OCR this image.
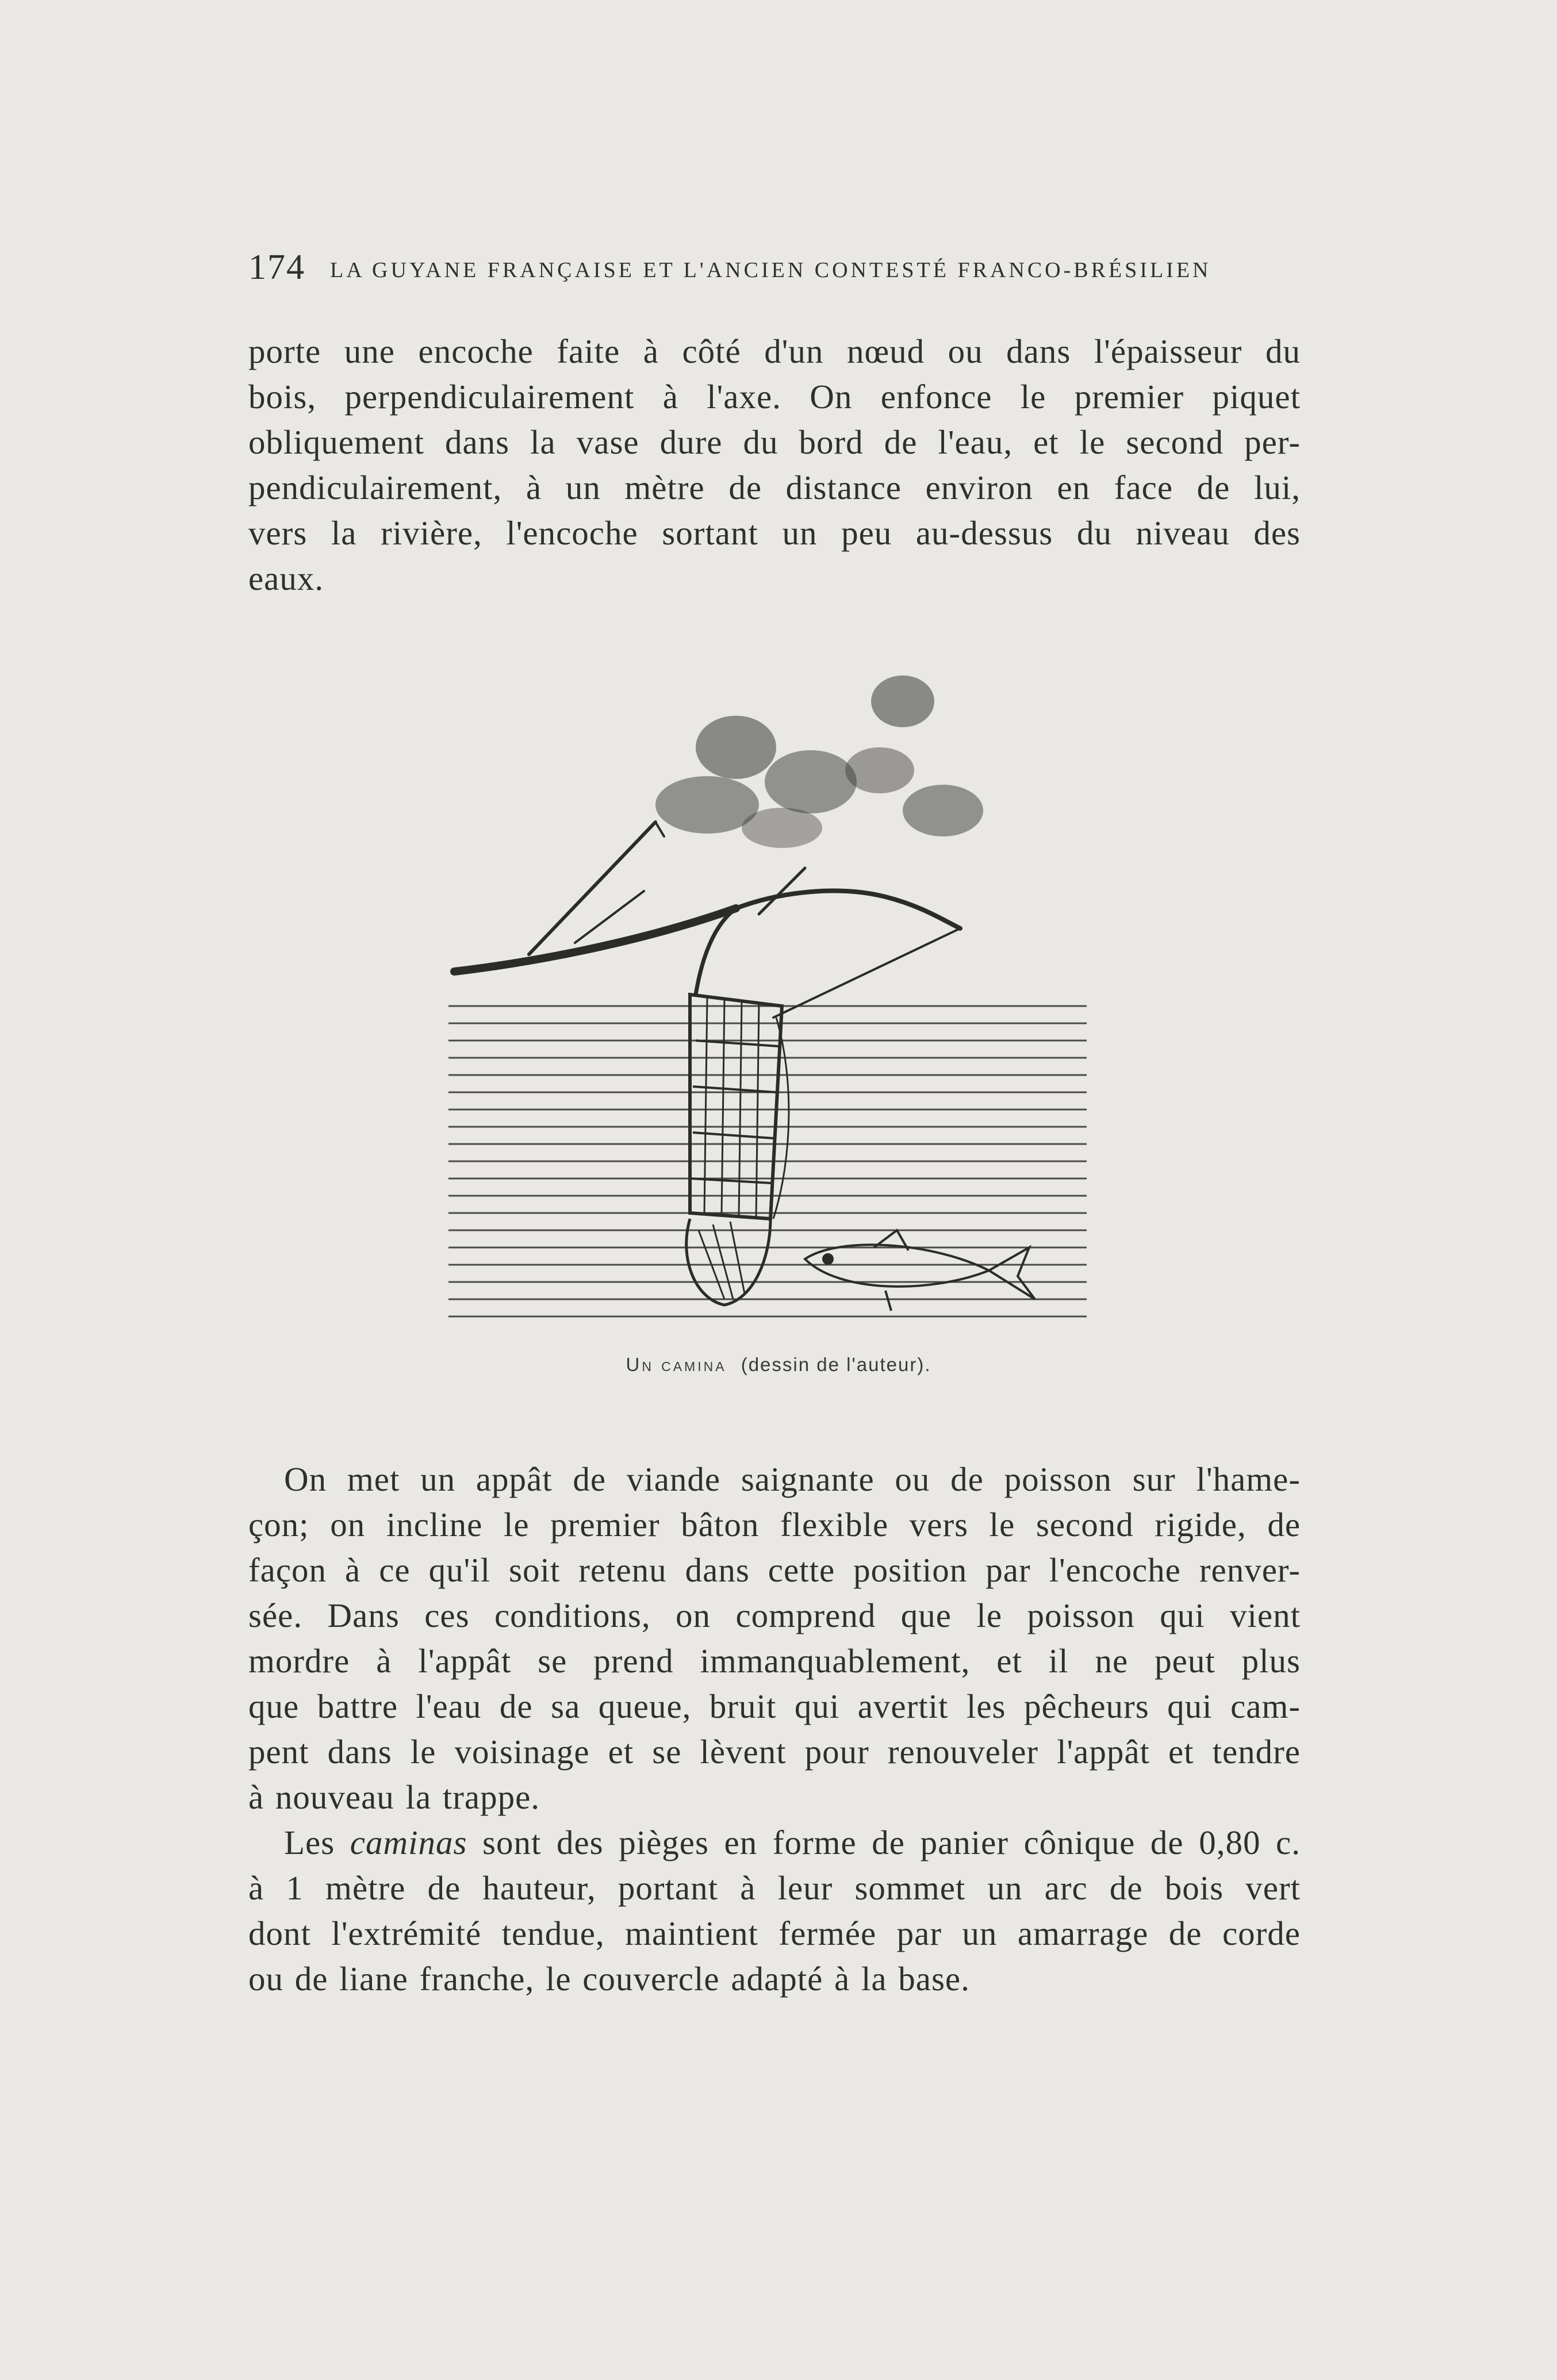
174 LA GUYANE FRANÇAISE ET L'ANCIEN CONTESTÉ FRANCO-BRÉSILIEN
porte une encoche faite à côté d'un nœud ou dans l'épaisseur du
bois, perpendiculairement à l'axe. On enfonce le premier piquet
obliquement dans la vase dure du bord de l'eau, et le second per-
pendiculairement, à un mètre de distance environ en face de lui,
vers la rivière, l'encoche sortant un peu au-dessus du niveau des
eaux.
Un camina (dessin de l'auteur).
On met un appât de viande saignante ou de poisson sur l'hame-
çon; on incline le premier bâton flexible vers le second rigide, de
façon à ce qu'il soit retenu dans cette position par l'encoche renver-
sée. Dans ces conditions, on comprend que le poisson qui vient
mordre à l'appât se prend immanquablement, et il ne peut plus
que battre l'eau de sa queue, bruit qui avertit les pêcheurs qui cam-
pent dans le voisinage et se lèvent pour renouveler l'appât et tendre
à nouveau la trappe.
Les caminas sont des pièges en forme de panier cônique de 0,80 c.
à 1 mètre de hauteur, portant à leur sommet un arc de bois vert
dont l'extrémité tendue, maintient fermée par un amarrage de corde
ou de liane franche, le couvercle adapté à la base.
